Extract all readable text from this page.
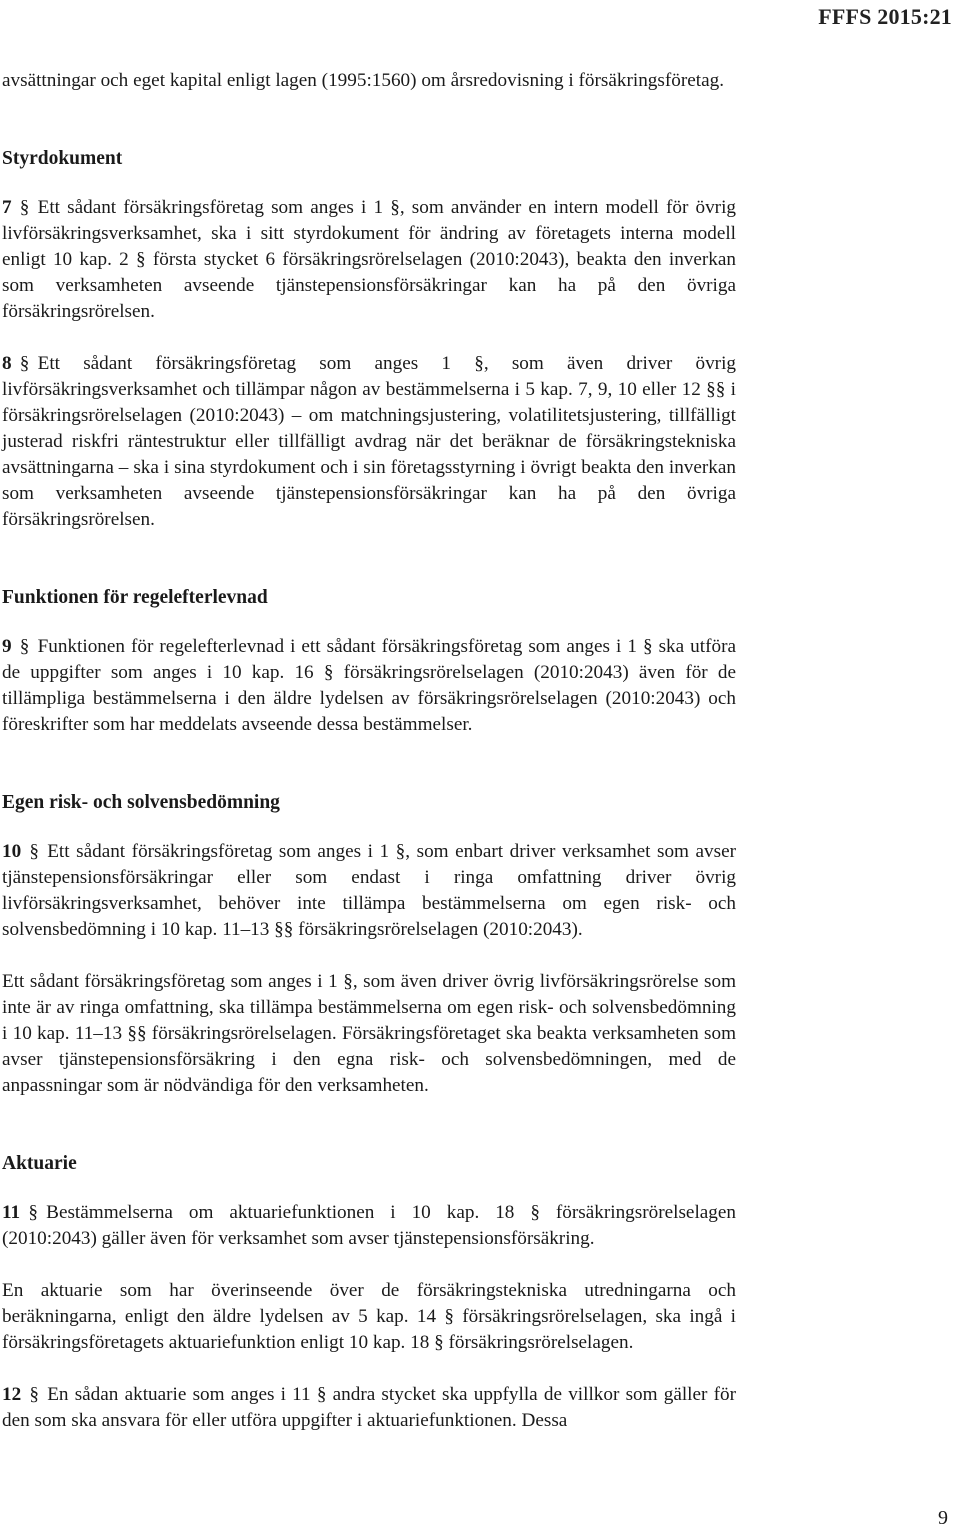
FFFS 2015:21

avsättningar och eget kapital enligt lagen (1995:1560) om årsredovisning i försäkringsföretag.

Styrdokument

7 § Ett sådant försäkringsföretag som anges i 1 §, som använder en intern modell för övrig livförsäkringsverksamhet, ska i sitt styrdokument för ändring av företagets interna modell enligt 10 kap. 2 § första stycket 6 försäkringsrörelselagen (2010:2043), beakta den inverkan som verksamheten avseende tjänstepensionsförsäkringar kan ha på den övriga försäkringsrörelsen.

8 § Ett sådant försäkringsföretag som anges 1 §, som även driver övrig livförsäkringsverksamhet och tillämpar någon av bestämmelserna i 5 kap. 7, 9, 10 eller 12 §§ i försäkringsrörelselagen (2010:2043) – om matchningsjustering, volatilitetsjustering, tillfälligt justerad riskfri räntestruktur eller tillfälligt avdrag när det beräknar de försäkringstekniska avsättningarna – ska i sina styrdokument och i sin företagsstyrning i övrigt beakta den inverkan som verksamheten avseende tjänstepensionsförsäkringar kan ha på den övriga försäkringsrörelsen.

Funktionen för regelefterlevnad

9 § Funktionen för regelefterlevnad i ett sådant försäkringsföretag som anges i 1 § ska utföra de uppgifter som anges i 10 kap. 16 § försäkringsrörelselagen (2010:2043) även för de tillämpliga bestämmelserna i den äldre lydelsen av försäkringsrörelselagen (2010:2043) och föreskrifter som har meddelats avseende dessa bestämmelser.

Egen risk- och solvensbedömning

10 § Ett sådant försäkringsföretag som anges i 1 §, som enbart driver verksamhet som avser tjänstepensionsförsäkringar eller som endast i ringa omfattning driver övrig livförsäkringsverksamhet, behöver inte tillämpa bestämmelserna om egen risk- och solvensbedömning i 10 kap. 11–13 §§ försäkringsrörelselagen (2010:2043).

Ett sådant försäkringsföretag som anges i 1 §, som även driver övrig livförsäkringsrörelse som inte är av ringa omfattning, ska tillämpa bestämmelserna om egen risk- och solvensbedömning i 10 kap. 11–13 §§ försäkringsrörelselagen. Försäkringsföretaget ska beakta verksamheten som avser tjänstepensionsförsäkring i den egna risk- och solvensbedömningen, med de anpassningar som är nödvändiga för den verksamheten.

Aktuarie

11 § Bestämmelserna om aktuariefunktionen i 10 kap. 18 § försäkringsrörelselagen (2010:2043) gäller även för verksamhet som avser tjänstepensionsförsäkring.

En aktuarie som har överinseende över de försäkringstekniska utredningarna och beräkningarna, enligt den äldre lydelsen av 5 kap. 14 § försäkringsrörelselagen, ska ingå i försäkringsföretagets aktuariefunktion enligt 10 kap. 18 § försäkringsrörelselagen.

12 § En sådan aktuarie som anges i 11 § andra stycket ska uppfylla de villkor som gäller för den som ska ansvara för eller utföra uppgifter i aktuariefunktionen. Dessa

9
